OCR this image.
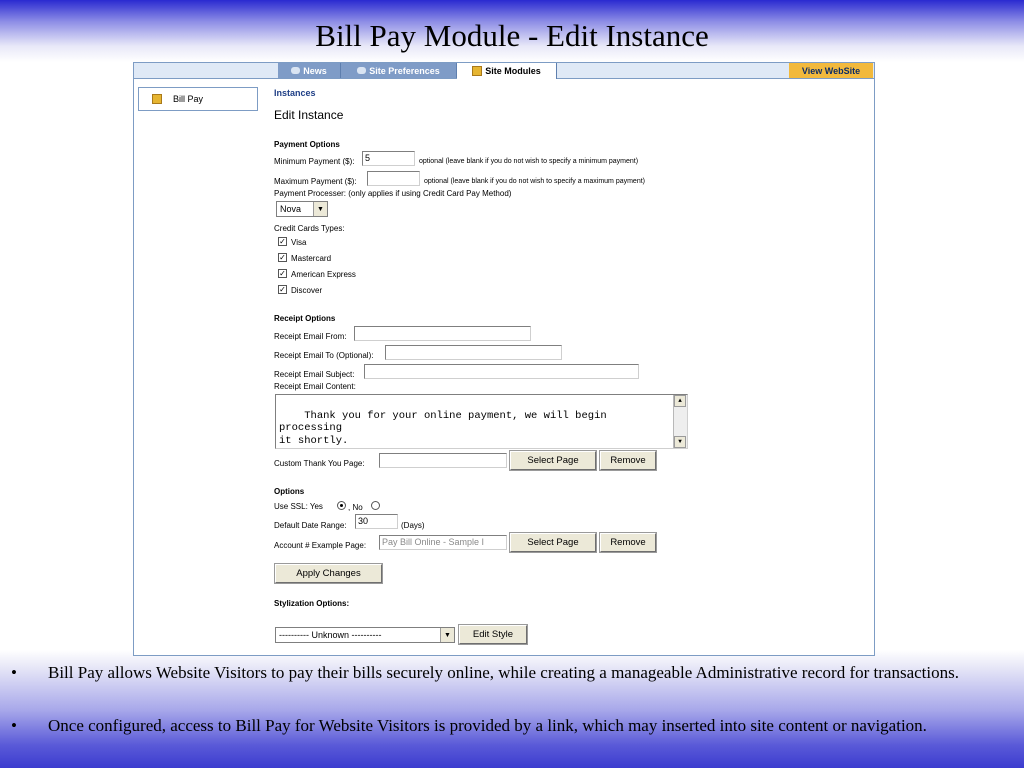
Bill Pay Module - Edit Instance
News	Site Preferences	Site Modules	View WebSite
Bill Pay
Instances
Edit Instance
Payment Options
Minimum Payment ($):	5	optional (leave blank if you do not wish to specify a minimum payment)
Maximum Payment ($):	optional (leave blank if you do not wish to specify a maximum payment)
Payment Processer: (only applies if using Credit Card Pay Method)
Nova	▼
Credit Cards Types:
✓ Visa
✓ Mastercard
✓ American Express
✓ Discover
Receipt Options
Receipt Email From:
Receipt Email To (Optional):
Receipt Email Subject:
Receipt Email Content:

Thank you for your online payment, we will begin processing
it shortly.

▲

▼

Custom Thank You Page:	Select Page	Remove
Options
Use SSL: Yes	, No
Default Date Range:	30	(Days)
Account # Example Page:	Pay Bill Online - Sample I	Select Page	Remove
Apply Changes
Stylization Options:
---------- Unknown ----------	▼	Edit Style
• Bill Pay allows Website Visitors to pay their bills securely online, while creating a manageable Administrative record for transactions.
• Once configured, access to Bill Pay for Website Visitors is provided by a link, which may inserted into site content or navigation.
